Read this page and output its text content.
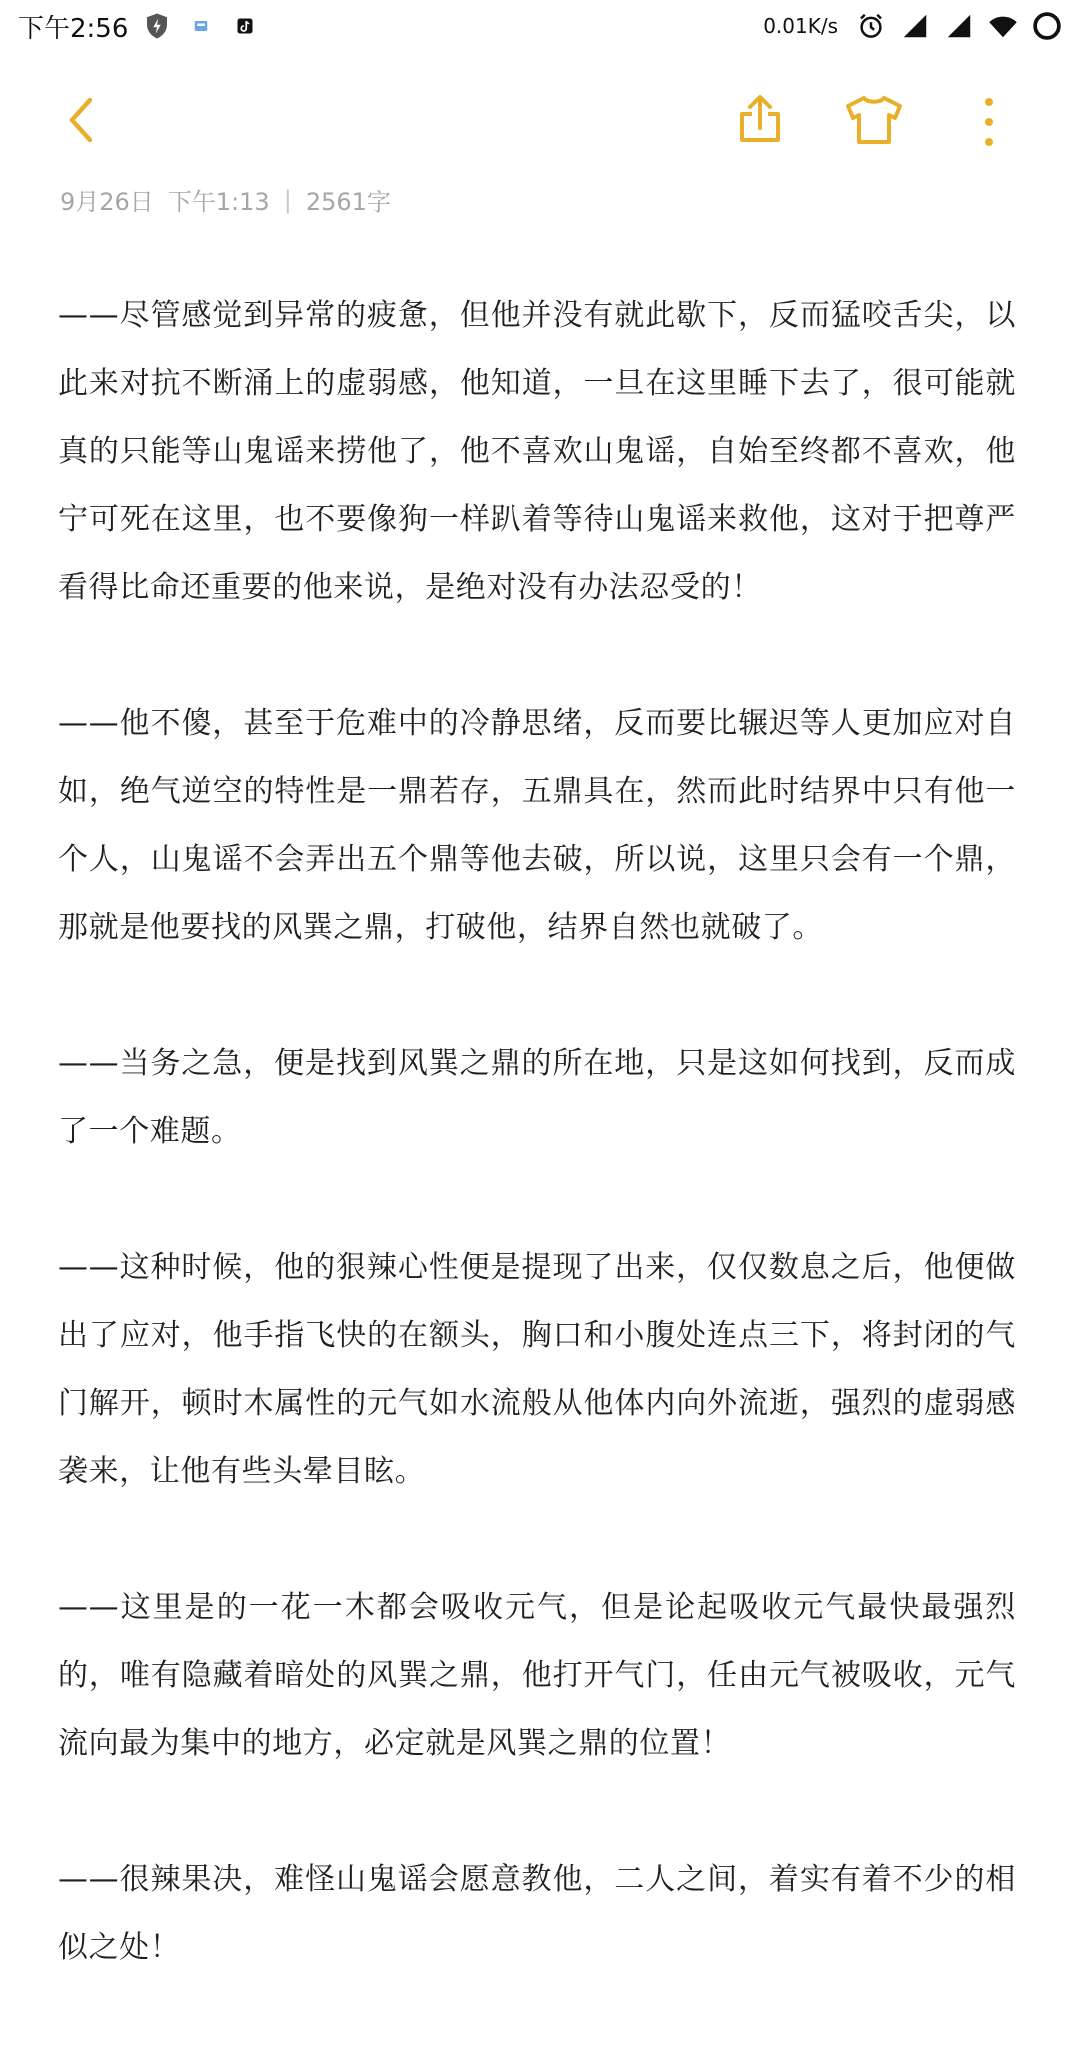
下午2:56	0.01K/s
9月26日 下午1:13 | 2561字

——尽管感觉到异常的疲惫，但他并没有就此歇下，反而猛咬舌尖，以此来对抗不断涌上的虚弱感，他知道，一旦在这里睡下去了，很可能就真的只能等山鬼谣来捞他了，他不喜欢山鬼谣，自始至终都不喜欢，他宁可死在这里，也不要像狗一样趴着等待山鬼谣来救他，这对于把尊严看得比命还重要的他来说，是绝对没有办法忍受的！

——他不傻，甚至于危难中的冷静思绪，反而要比辗迟等人更加应对自如，绝气逆空的特性是一鼎若存，五鼎具在，然而此时结界中只有他一个人，山鬼谣不会弄出五个鼎等他去破，所以说，这里只会有一个鼎，那就是他要找的风巽之鼎，打破他，结界自然也就破了。

——当务之急，便是找到风巽之鼎的所在地，只是这如何找到，反而成了一个难题。

——这种时候，他的狠辣心性便是提现了出来，仅仅数息之后，他便做出了应对，他手指飞快的在额头，胸口和小腹处连点三下，将封闭的气门解开，顿时木属性的元气如水流般从他体内向外流逝，强烈的虚弱感袭来，让他有些头晕目眩。

——这里是的一花一木都会吸收元气，但是论起吸收元气最快最强烈的，唯有隐藏着暗处的风巽之鼎，他打开气门，任由元气被吸收，元气流向最为集中的地方，必定就是风巽之鼎的位置！

——很辣果决，难怪山鬼谣会愿意教他，二人之间，着实有着不少的相似之处！
